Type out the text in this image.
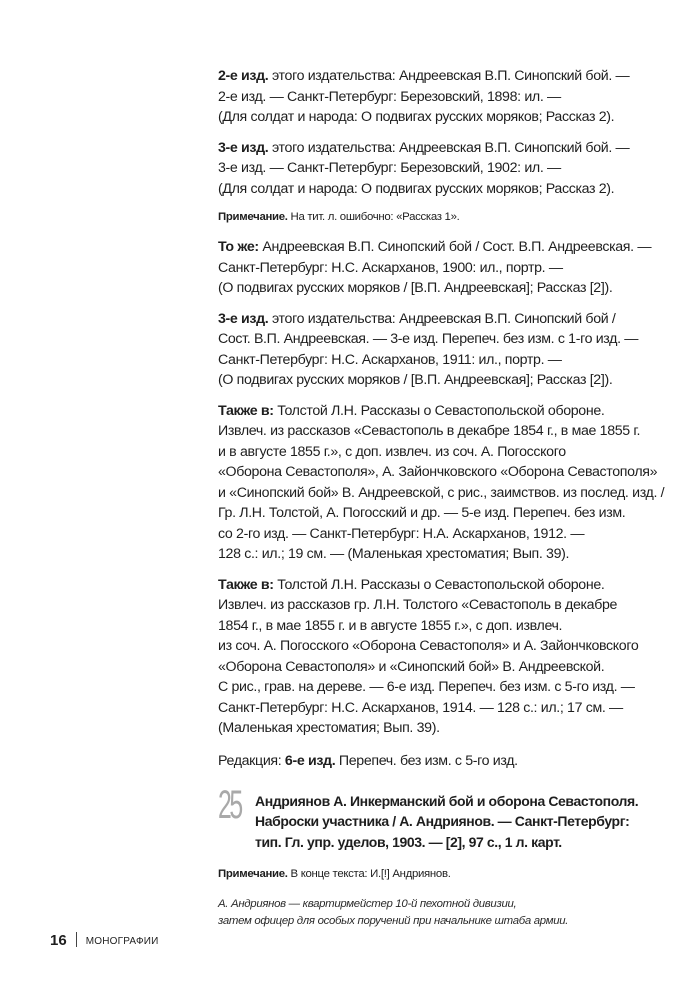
2-е изд. этого издательства: Андреевская В.П. Синопский бой. —
2-е изд. — Санкт-Петербург: Березовский, 1898: ил. —
(Для солдат и народа: О подвигах русских моряков; Рассказ 2).
3-е изд. этого издательства: Андреевская В.П. Синопский бой. —
3-е изд. — Санкт-Петербург: Березовский, 1902: ил. —
(Для солдат и народа: О подвигах русских моряков; Рассказ 2).
Примечание. На тит. л. ошибочно: «Рассказ 1».
То же: Андреевская В.П. Синопский бой / Сост. В.П. Андреевская. —
Санкт-Петербург: Н.С. Аскарханов, 1900: ил., портр. —
(О подвигах русских моряков / [В.П. Андреевская]; Рассказ [2]).
3-е изд. этого издательства: Андреевская В.П. Синопский бой /
Сост. В.П. Андреевская. — 3-е изд. Перепеч. без изм. с 1-го изд. —
Санкт-Петербург: Н.С. Аскарханов, 1911: ил., портр. —
(О подвигах русских моряков / [В.П. Андреевская]; Рассказ [2]).
Также в: Толстой Л.Н. Рассказы о Севастопольской обороне.
Извлеч. из рассказов «Севастополь в декабре 1854 г., в мае 1855 г.
и в августе 1855 г.», с доп. извлеч. из соч. А. Погосского
«Оборона Севастополя», А. Зайончковского «Оборона Севастополя»
и «Синопский бой» В. Андреевской, с рис., заимствов. из послед. изд. /
Гр. Л.Н. Толстой, А. Погосский и др. — 5-е изд. Перепеч. без изм.
со 2-го изд. — Санкт-Петербург: Н.А. Аскарханов, 1912. —
128 с.: ил.; 19 см. — (Маленькая хрестоматия; Вып. 39).
Также в: Толстой Л.Н. Рассказы о Севастопольской обороне.
Извлеч. из рассказов гр. Л.Н. Толстого «Севастополь в декабре
1854 г., в мае 1855 г. и в августе 1855 г.», с доп. извлеч.
из соч. А. Погосского «Оборона Севастополя» и А. Зайончковского
«Оборона Севастополя» и «Синопский бой» В. Андреевской.
С рис., грав. на дереве. — 6-е изд. Перепеч. без изм. с 5-го изд. —
Санкт-Петербург: Н.С. Аскарханов, 1914. — 128 с.: ил.; 17 см. —
(Маленькая хрестоматия; Вып. 39).
Редакция: 6-е изд. Перепеч. без изм. с 5-го изд.
25 Андриянов А. Инкерманский бой и оборона Севастополя.
Наброски участника / А. Андриянов. — Санкт-Петербург:
тип. Гл. упр. уделов, 1903. — [2], 97 с., 1 л. карт.
Примечание. В конце текста: И.[!] Андриянов.
А. Андриянов — квартирмейстер 10-й пехотной дивизии,
затем офицер для особых поручений при начальнике штаба армии.
16 МОНОГРАФИИ
